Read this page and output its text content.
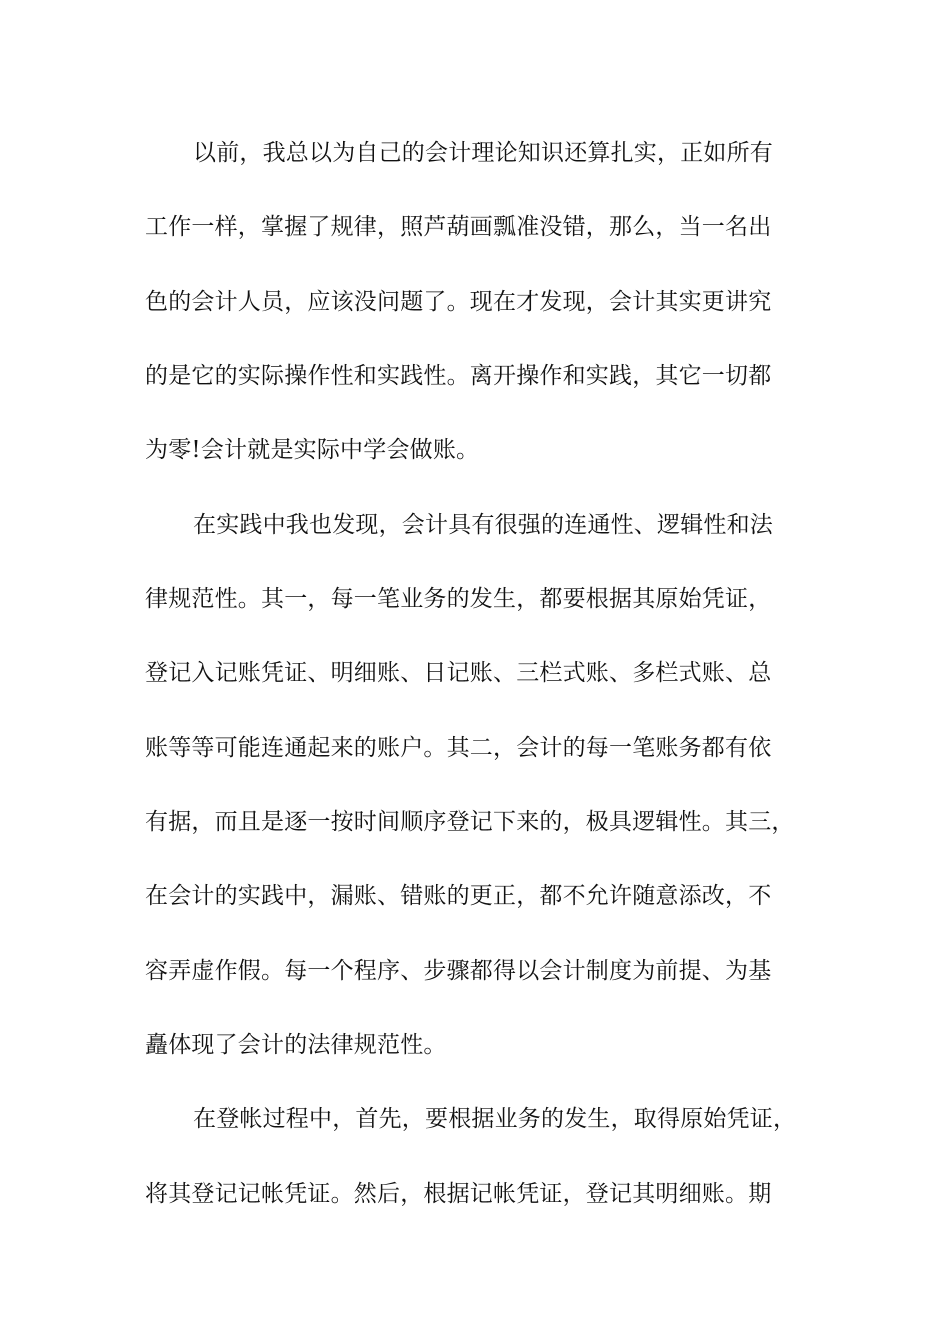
以前，我总以为自己的会计理论知识还算扎实，正如所有
工作一样，掌握了规律，照芦葫画瓢准没错，那么，当一名出
色的会计人员，应该没问题了。现在才发现，会计其实更讲究
的是它的实际操作性和实践性。离开操作和实践，其它一切都
为零!会计就是实际中学会做账。
在实践中我也发现，会计具有很强的连通性、逻辑性和法
律规范性。其一，每一笔业务的发生，都要根据其原始凭证，
登记入记账凭证、明细账、日记账、三栏式账、多栏式账、总
账等等可能连通起来的账户。其二，会计的每一笔账务都有依
有据，而且是逐一按时间顺序登记下来的，极具逻辑性。其三，
在会计的实践中，漏账、错账的更正，都不允许随意添改，不
容弄虚作假。每一个程序、步骤都得以会计制度为前提、为基
矗体现了会计的法律规范性。
在登帐过程中，首先，要根据业务的发生，取得原始凭证，
将其登记记帐凭证。然后，根据记帐凭证，登记其明细账。期
